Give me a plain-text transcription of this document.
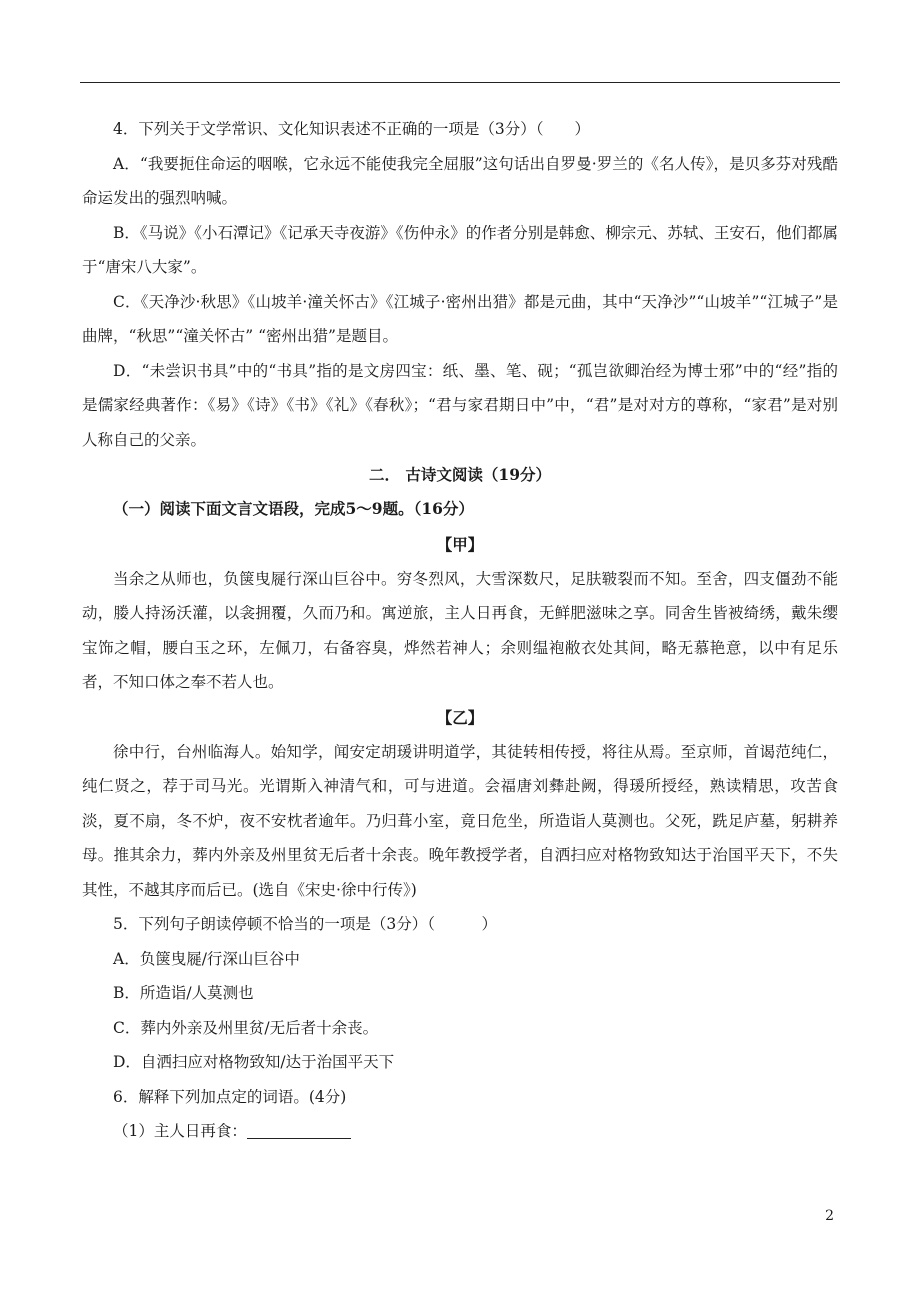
4．下列关于文学常识、文化知识表述不正确的一项是（3分）（　　）

A．“我要扼住命运的咽喉，它永远不能使我完全屈服”这句话出自罗曼·罗兰的《名人传》，是贝多芬对残酷命运发出的强烈呐喊。

B．《马说》《小石潭记》《记承天寺夜游》《伤仲永》的作者分别是韩愈、柳宗元、苏轼、王安石，他们都属于“唐宋八大家”。

C．《天净沙·秋思》《山坡羊·潼关怀古》《江城子·密州出猎》都是元曲，其中“天净沙”“山坡羊”“江城子”是曲牌，“秋思”“潼关怀古” “密州出猎”是题目。

D．“未尝识书具”中的“书具”指的是文房四宝：纸、墨、笔、砚；“孤岂欲卿治经为博士邪”中的“经”指的是儒家经典著作：《易》《诗》《书》《礼》《春秋》；“君与家君期日中”中，“君”是对对方的尊称，“家君”是对别人称自己的父亲。

二． 古诗文阅读（19分）

（一）阅读下面文言文语段，完成5～9题。（16分）

【甲】

当余之从师也，负箧曳屣行深山巨谷中。穷冬烈风，大雪深数尺，足肤皲裂而不知。至舍，四支僵劲不能动，媵人持汤沃灌，以衾拥覆，久而乃和。寓逆旅，主人日再食，无鲜肥滋味之享。同舍生皆被绮绣，戴朱缨宝饰之帽，腰白玉之环，左佩刀，右备容臭，烨然若神人；余则缊袍敝衣处其间，略无慕艳意，以中有足乐者，不知口体之奉不若人也。

【乙】

徐中行，台州临海人。始知学，闻安定胡瑗讲明道学，其徒转相传授，将往从焉。至京师，首谒范纯仁，纯仁贤之，荐于司马光。光谓斯入神清气和，可与进道。会福唐刘彝赴阙，得瑗所授经，熟读精思，攻苦食淡，夏不扇，冬不炉，夜不安枕者逾年。乃归葺小室，竟日危坐，所造诣人莫测也。父死，跣足庐墓，躬耕养母。推其余力，葬内外亲及州里贫无后者十余丧。晚年教授学者，自洒扫应对格物致知达于治国平天下，不失其性，不越其序而后已。(选自《宋史·徐中行传》)

5．下列句子朗读停顿不恰当的一项是（3分）（　　　）

A．负箧曳屣/行深山巨谷中

B．所造诣/人莫测也

C．葬内外亲及州里贫/无后者十余丧。

D．自洒扫应对格物致知/达于治国平天下

6．解释下列加点定的词语。(4分)

（1）主人日再食：

2
